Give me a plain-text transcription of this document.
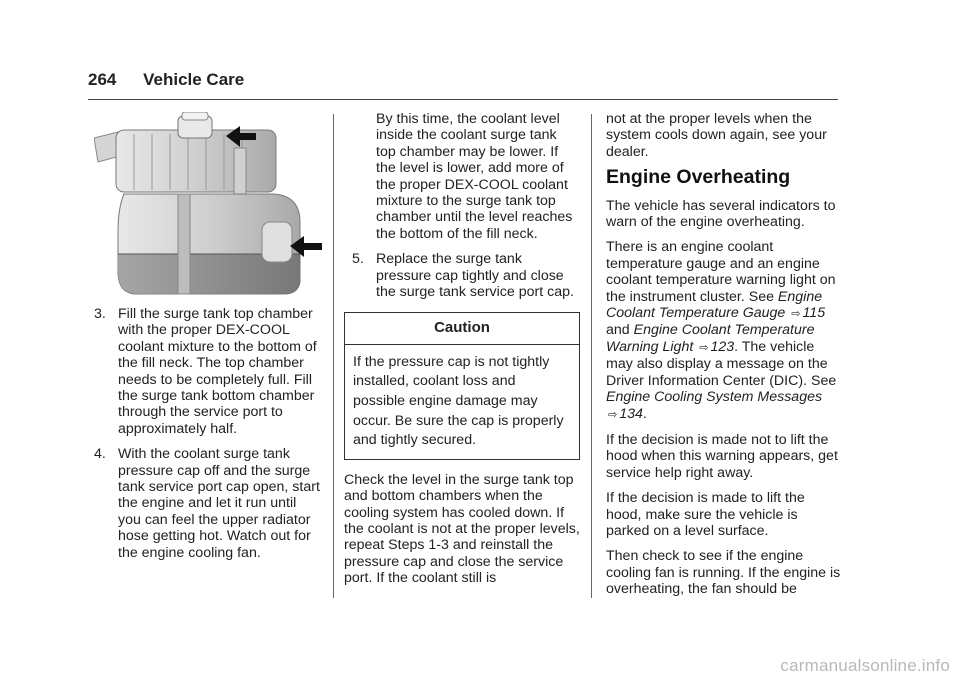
264 Vehicle Care
3. Fill the surge tank top chamber with the proper DEX-COOL coolant mixture to the bottom of the fill neck. The top chamber needs to be completely full. Fill the surge tank bottom chamber through the service port to approximately half.
4. With the coolant surge tank pressure cap off and the surge tank service port cap open, start the engine and let it run until you can feel the upper radiator hose getting hot. Watch out for the engine cooling fan.

By this time, the coolant level inside the coolant surge tank top chamber may be lower. If the level is lower, add more of the proper DEX-COOL coolant mixture to the surge tank top chamber until the level reaches the bottom of the fill neck.

5. Replace the surge tank pressure cap tightly and close the surge tank service port cap.
Caution
If the pressure cap is not tightly installed, coolant loss and possible engine damage may occur. Be sure the cap is properly and tightly secured.

Check the level in the surge tank top and bottom chambers when the cooling system has cooled down. If the coolant is not at the proper levels, repeat Steps 1-3 and reinstall the pressure cap and close the service port. If the coolant still is

not at the proper levels when the system cools down again, see your dealer.

Engine Overheating

The vehicle has several indicators to warn of the engine overheating.

There is an engine coolant temperature gauge and an engine coolant temperature warning light on the instrument cluster. See Engine Coolant Temperature Gauge ⇨ 115 and Engine Coolant Temperature Warning Light ⇨ 123. The vehicle may also display a message on the Driver Information Center (DIC). See Engine Cooling System Messages ⇨ 134.

If the decision is made not to lift the hood when this warning appears, get service help right away.

If the decision is made to lift the hood, make sure the vehicle is parked on a level surface.

Then check to see if the engine cooling fan is running. If the engine is overheating, the fan should be

carmanualsonline.info
